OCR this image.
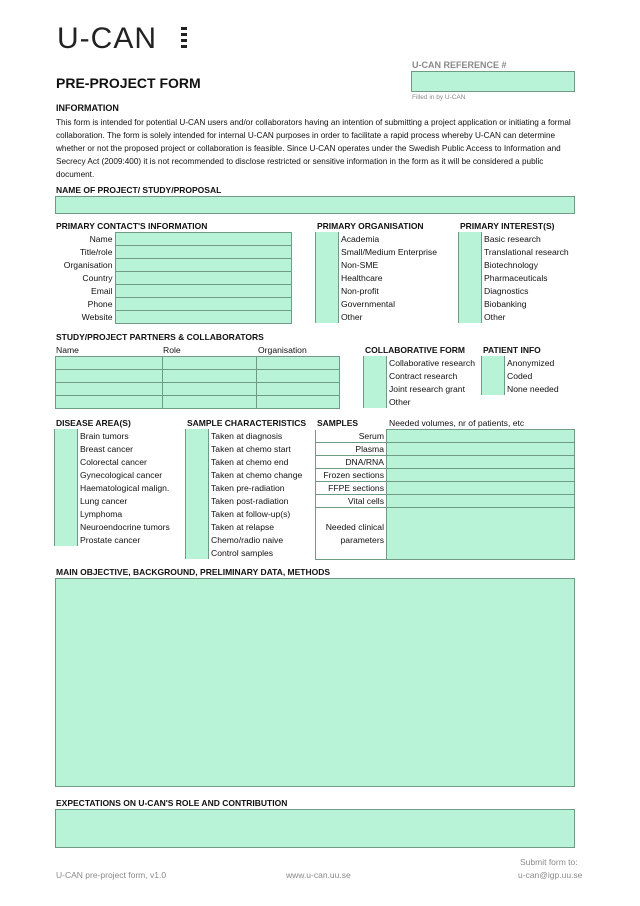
U-CAN
U-CAN REFERENCE #
Filled in by U-CAN
PRE-PROJECT FORM
INFORMATION
This form is intended for potential U-CAN users and/or collaborators having an intention of submitting a project application or initiating a formal collaboration. The form is solely intended for internal U-CAN purposes in order to facilitate a rapid process whereby U-CAN can determine whether or not the proposed project or collaboration is feasible. Since U-CAN operates under the Swedish Public Access to Information and Secrecy Act (2009:400) it is not recommended to disclose restricted or sensitive information in the form as it will be considered a public document.
NAME OF PROJECT/ STUDY/PROPOSAL
PRIMARY CONTACT'S INFORMATION
Name	
Title/role	
Organisation	
Country	
Email	
Phone	
Website	
PRIMARY ORGANISATION
	Academia
	Small/Medium Enterprise
	Non-SME
	Healthcare
	Non-profit
	Governmental
	Other
PRIMARY INTEREST(S)
	Basic research
	Translational research
	Biotechnology
	Pharmaceuticals
	Diagnostics
	Biobanking
	Other
STUDY/PROJECT PARTNERS & COLLABORATORS
Name	Role	Organisation

			COLLABORATIVE FORM
	Collaborative research
	Contract research
	Joint research grant
	Other
PATIENT INFO
	Anonymized
	Coded
	None needed
DISEASE AREA(S)
	Brain tumors
	Breast cancer
	Colorectal cancer
	Gynecological cancer
	Haematological malign.
	Lung cancer
	Lymphoma
	Neuroendocrine tumors
	Prostate cancer
SAMPLE CHARACTERISTICS
	Taken at diagnosis
	Taken at chemo start
	Taken at chemo end
	Taken at chemo change
	Taken pre-radiation
	Taken post-radiation
	Taken at follow-up(s)
	Taken at relapse
	Chemo/radio naive
	Control samples
SAMPLES	Needed volumes, nr of patients, etc
Serum	
Plasma	
DNA/RNA	
Frozen sections	
FFPE sections	
Vital cells	

Needed clinical
parameters	

MAIN OBJECTIVE, BACKGROUND, PRELIMINARY DATA, METHODS
EXPECTATIONS ON U-CAN'S ROLE AND CONTRIBUTION
U-CAN pre-project form, v1.0	www.u-can.uu.se
Submit form to:
u-can@igp.uu.se
